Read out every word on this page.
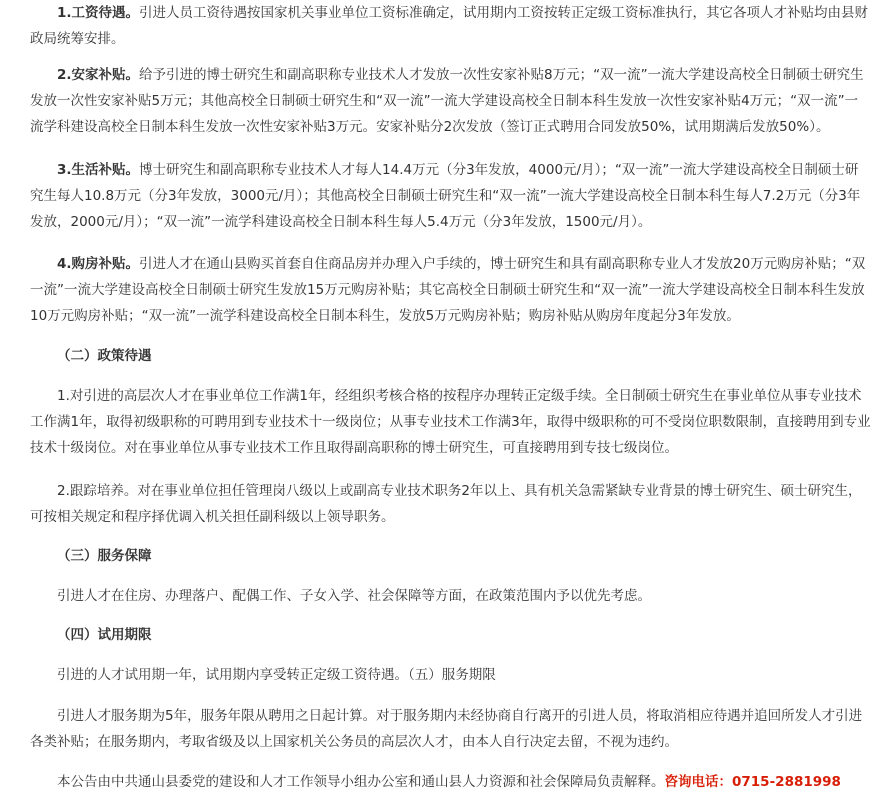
1.工资待遇。引进人员工资待遇按国家机关事业单位工资标准确定，试用期内工资按转正定级工资标准执行，其它各项人才补贴均由县财政局统筹安排。

2.安家补贴。给予引进的博士研究生和副高职称专业技术人才发放一次性安家补贴8万元；“双一流”一流大学建设高校全日制硕士研究生发放一次性安家补贴5万元；其他高校全日制硕士研究生和“双一流”一流大学建设高校全日制本科生发放一次性安家补贴4万元；“双一流”一流学科建设高校全日制本科生发放一次性安家补贴3万元。安家补贴分2次发放（签订正式聘用合同发放50%，试用期满后发放50%）。

3.生活补贴。博士研究生和副高职称专业技术人才每人14.4万元（分3年发放，4000元/月）；“双一流”一流大学建设高校全日制硕士研究生每人10.8万元（分3年发放，3000元/月）；其他高校全日制硕士研究生和“双一流”一流大学建设高校全日制本科生每人7.2万元（分3年发放，2000元/月）；“双一流”一流学科建设高校全日制本科生每人5.4万元（分3年发放，1500元/月）。

4.购房补贴。引进人才在通山县购买首套自住商品房并办理入户手续的，博士研究生和具有副高职称专业人才发放20万元购房补贴；“双一流”一流大学建设高校全日制硕士研究生发放15万元购房补贴；其它高校全日制硕士研究生和“双一流”一流大学建设高校全日制本科生发放10万元购房补贴；“双一流”一流学科建设高校全日制本科生，发放5万元购房补贴；购房补贴从购房年度起分3年发放。

（二）政策待遇

1.对引进的高层次人才在事业单位工作满1年，经组织考核合格的按程序办理转正定级手续。全日制硕士研究生在事业单位从事专业技术工作满1年，取得初级职称的可聘用到专业技术十一级岗位；从事专业技术工作满3年，取得中级职称的可不受岗位职数限制，直接聘用到专业技术十级岗位。对在事业单位从事专业技术工作且取得副高职称的博士研究生，可直接聘用到专技七级岗位。

2.跟踪培养。对在事业单位担任管理岗八级以上或副高专业技术职务2年以上、具有机关急需紧缺专业背景的博士研究生、硕士研究生，可按相关规定和程序择优调入机关担任副科级以上领导职务。

（三）服务保障

引进人才在住房、办理落户、配偶工作、子女入学、社会保障等方面，在政策范围内予以优先考虑。

（四）试用期限

引进的人才试用期一年，试用期内享受转正定级工资待遇。（五）服务期限

引进人才服务期为5年，服务年限从聘用之日起计算。对于服务期内未经协商自行离开的引进人员，将取消相应待遇并追回所发人才引进各类补贴；在服务期内，考取省级及以上国家机关公务员的高层次人才，由本人自行决定去留，不视为违约。

本公告由中共通山县委党的建设和人才工作领导小组办公室和通山县人力资源和社会保障局负责解释。咨询电话：0715-2881998
